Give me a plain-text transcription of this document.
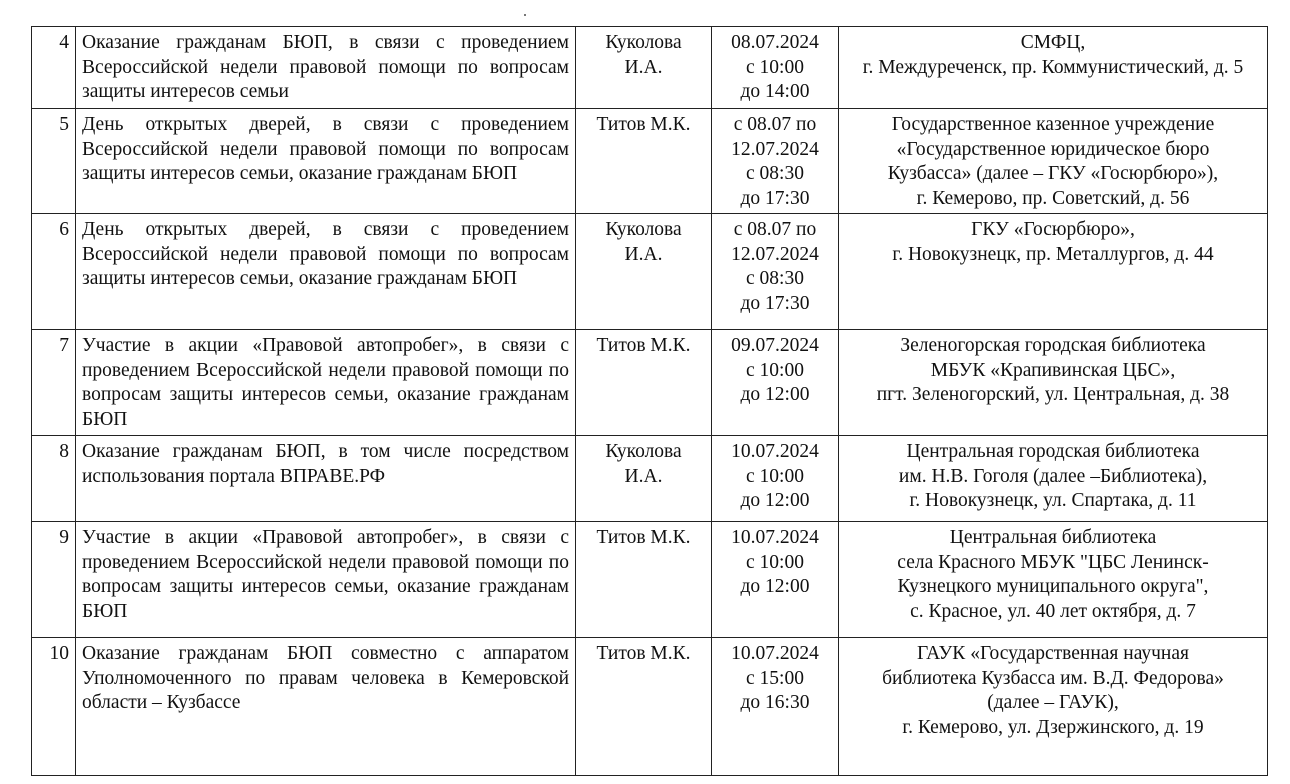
4	Оказание гражданам БЮП, в связи с проведением Всероссийской недели правовой помощи по вопросам защиты интересов семьи	Куколова
И.А.	08.07.2024
с 10:00
до 14:00	СМФЦ,
г. Междуреченск, пр. Коммунистический, д. 5

5	День открытых дверей, в связи с проведением Всероссийской недели правовой помощи по вопросам защиты интересов семьи, оказание гражданам БЮП	Титов М.К.	с 08.07 по
12.07.2024
с 08:30
до 17:30	Государственное казенное учреждение
«Государственное юридическое бюро
Кузбасса» (далее – ГКУ «Госюрбюро»),
г. Кемерово, пр. Советский, д. 56

6	День открытых дверей, в связи с проведением Всероссийской недели правовой помощи по вопросам защиты интересов семьи, оказание гражданам БЮП	Куколова
И.А.	с 08.07 по
12.07.2024
с 08:30
до 17:30	ГКУ «Госюрбюро»,
г. Новокузнецк, пр. Металлургов, д. 44

7	Участие в акции «Правовой автопробег», в связи с проведением Всероссийской недели правовой помощи по вопросам защиты интересов семьи, оказание гражданам БЮП	Титов М.К.	09.07.2024
с 10:00
до 12:00	Зеленогорская городская библиотека
МБУК «Крапивинская ЦБС»,
пгт. Зеленогорский, ул. Центральная, д. 38

8	Оказание гражданам БЮП, в том числе посредством использования портала ВПРАВЕ.РФ	Куколова
И.А.	10.07.2024
с 10:00
до 12:00	Центральная городская библиотека
им. Н.В. Гоголя (далее –Библиотека),
г. Новокузнецк, ул. Спартака, д. 11

9	Участие в акции «Правовой автопробег», в связи с проведением Всероссийской недели правовой помощи по вопросам защиты интересов семьи, оказание гражданам БЮП	Титов М.К.	10.07.2024
с 10:00
до 12:00	Центральная библиотека
села Красного МБУК "ЦБС Ленинск-
Кузнецкого муниципального округа",
с. Красное, ул. 40 лет октября, д. 7

10	Оказание гражданам БЮП совместно с аппаратом Уполномоченного по правам человека в Кемеровской области – Кузбассе	Титов М.К.	10.07.2024
с 15:00
до 16:30	ГАУК «Государственная научная
библиотека Кузбасса им. В.Д. Федорова»
(далее – ГАУК),
г. Кемерово, ул. Дзержинского, д. 19
